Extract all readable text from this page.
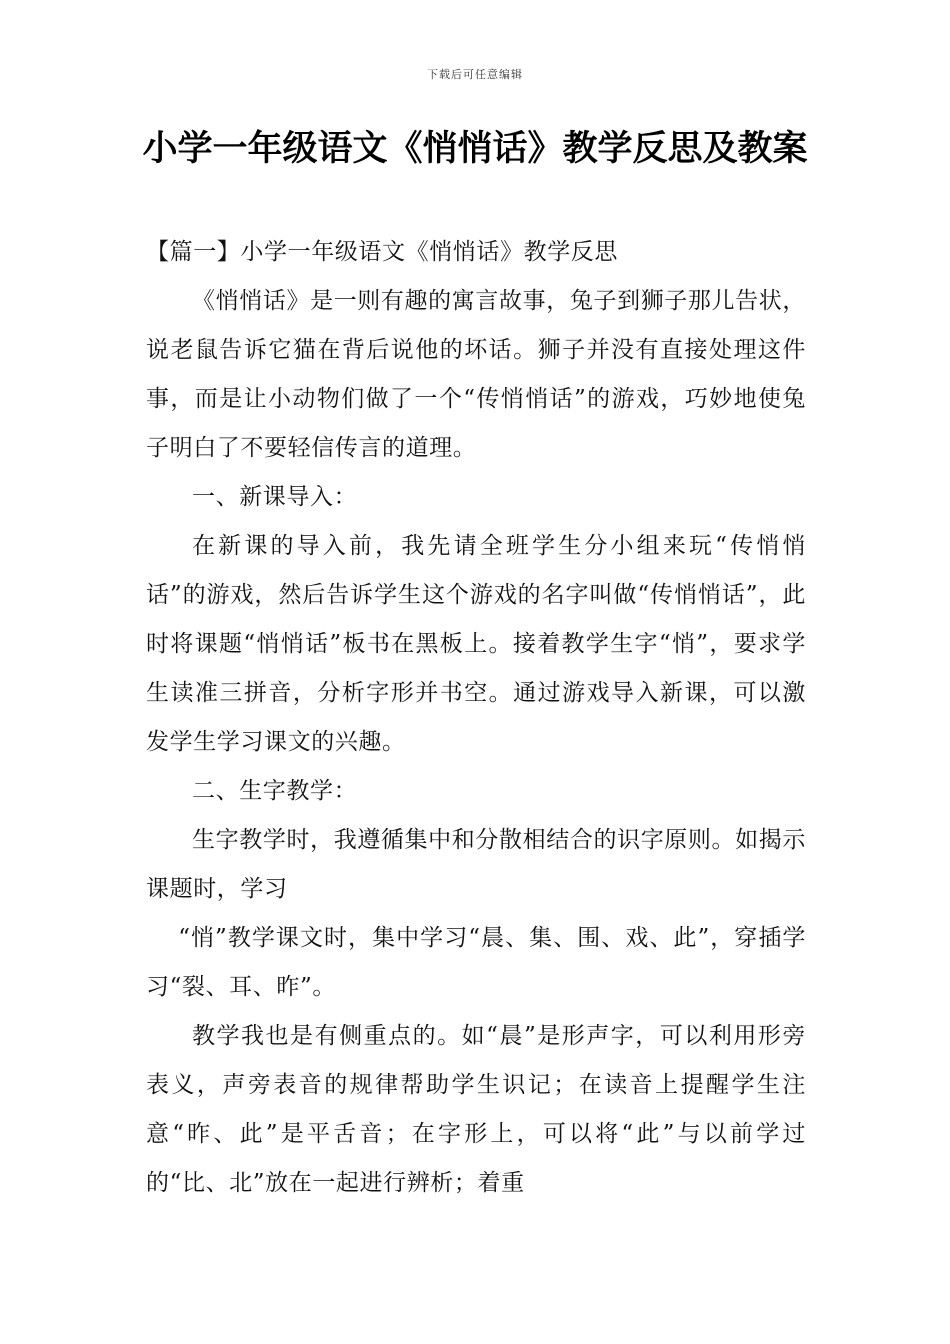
下载后可任意编辑
小学一年级语文《悄悄话》教学反思及教案

【篇一】小学一年级语文《悄悄话》教学反思

《悄悄话》是一则有趣的寓言故事，兔子到狮子那儿告状，说老鼠告诉它猫在背后说他的坏话。狮子并没有直接处理这件事，而是让小动物们做了一个“传悄悄话”的游戏，巧妙地使兔子明白了不要轻信传言的道理。

一、新课导入：

在新课的导入前，我先请全班学生分小组来玩“传悄悄话”的游戏，然后告诉学生这个游戏的名字叫做“传悄悄话”，此时将课题“悄悄话”板书在黑板上。接着教学生字“悄”，要求学生读准三拼音，分析字形并书空。通过游戏导入新课，可以激发学生学习课文的兴趣。

二、生字教学：

生字教学时，我遵循集中和分散相结合的识字原则。如揭示课题时，学习

“悄”教学课文时，集中学习“晨、集、围、戏、此”，穿插学习“裂、耳、昨”。

教学我也是有侧重点的。如“晨”是形声字，可以利用形旁表义，声旁表音的规律帮助学生识记；在读音上提醒学生注意“昨、此”是平舌音；在字形上，可以将“此”与以前学过的“比、北”放在一起进行辨析；着重
